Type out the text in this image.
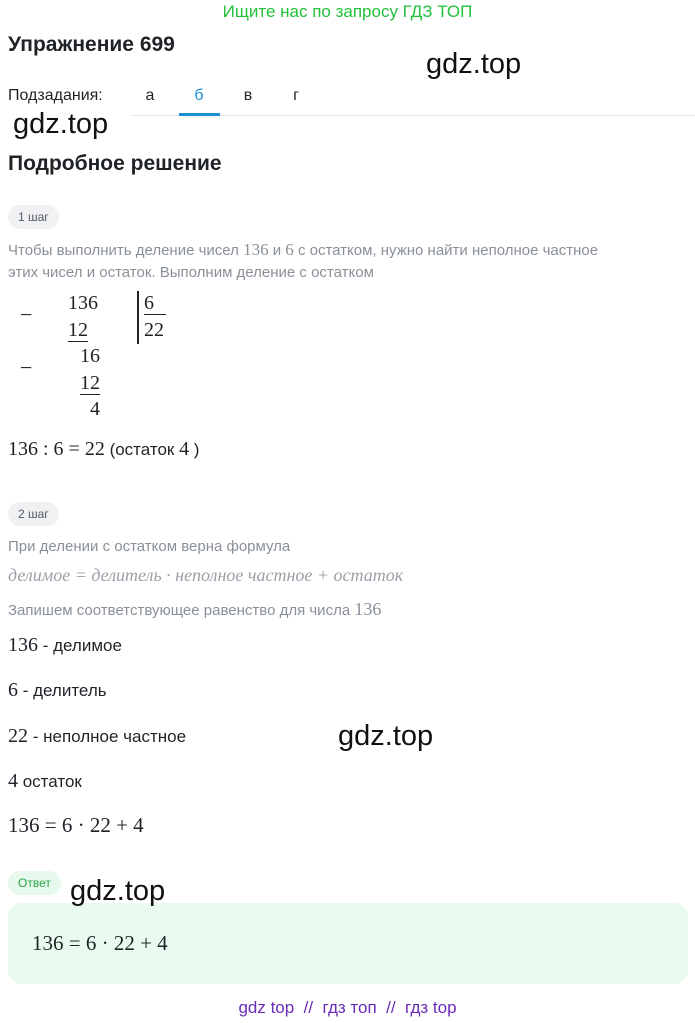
Ищите нас по запросу ГДЗ ТОП
Упражнение 699
gdz.top
Подзадания:	а	б	в	г
gdz.top
Подробное решение
1 шаг
Чтобы выполнить деление чисел 136 и 6 с остатком, нужно найти неполное частное
этих чисел и остаток. Выполним деление с остатком
− 136
12
6
22
− 16
12
4
136 : 6 = 22 (остаток 4 )
2 шаг
При делении с остатком верна формула
делимое = делитель · неполное частное + остаток
Запишем соответствующее равенство для числа 136
136 - делимое
6 - делитель
22 - неполное частное	gdz.top
4 остаток
136 = 6 · 22 + 4
Ответ gdz.top
136 = 6 · 22 + 4
gdz top  //  гдз топ  //  гдз top
